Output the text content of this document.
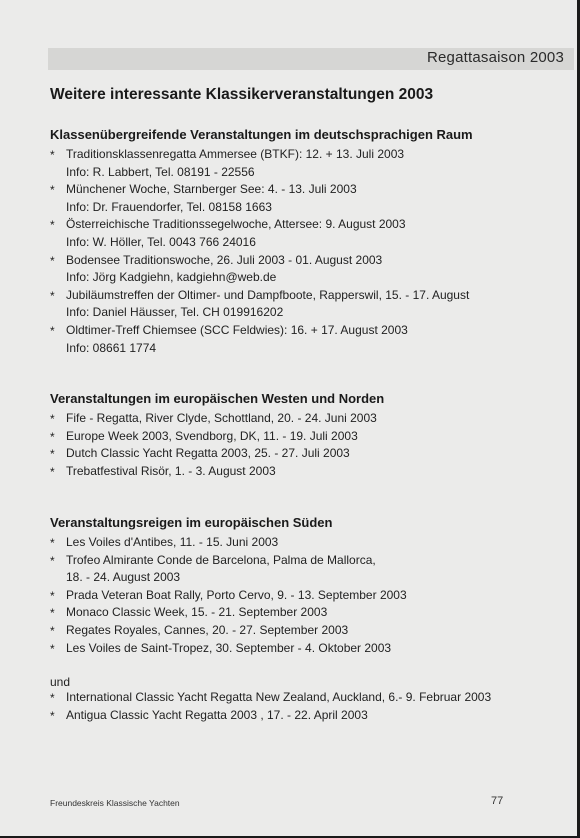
Regattasaison 2003
Weitere interessante Klassikerveranstaltungen 2003
Klassenübergreifende Veranstaltungen im deutschsprachigen Raum
* Traditionsklassenregatta Ammersee (BTKF): 12. + 13. Juli 2003
Info: R. Labbert, Tel. 08191 - 22556
* Münchener Woche, Starnberger See: 4. - 13. Juli 2003
Info: Dr. Frauendorfer, Tel. 08158 1663
* Österreichische Traditionssegelwoche, Attersee: 9. August 2003
Info: W. Höller, Tel. 0043 766 24016
* Bodensee Traditionswoche, 26. Juli 2003 - 01. August 2003
Info: Jörg Kadgiehn, kadgiehn@web.de
* Jubiläumstreffen der Oltimer- und Dampfboote, Rapperswil, 15. - 17. August
Info: Daniel Häusser, Tel. CH 019916202
* Oldtimer-Treff Chiemsee (SCC Feldwies): 16. + 17. August 2003
Info: 08661 1774
Veranstaltungen im europäischen Westen und Norden
* Fife - Regatta, River Clyde, Schottland, 20. - 24. Juni 2003
* Europe Week 2003, Svendborg, DK, 11. - 19. Juli 2003
* Dutch Classic Yacht Regatta 2003, 25. - 27. Juli 2003
* Trebatfestival Risör, 1. - 3. August 2003
Veranstaltungsreigen im europäischen Süden
* Les Voiles d'Antibes, 11. - 15. Juni 2003
* Trofeo Almirante Conde de Barcelona, Palma de Mallorca,
18. - 24. August 2003
* Prada Veteran Boat Rally, Porto Cervo, 9. - 13. September 2003
* Monaco Classic Week, 15. - 21. September 2003
* Regates Royales, Cannes, 20. - 27. September 2003
* Les Voiles de Saint-Tropez, 30. September - 4. Oktober 2003
und
* International Classic Yacht Regatta New Zealand, Auckland, 6.- 9. Februar 2003
* Antigua Classic Yacht Regatta 2003 , 17. - 22. April 2003
Freundeskreis Klassische Yachten	77
